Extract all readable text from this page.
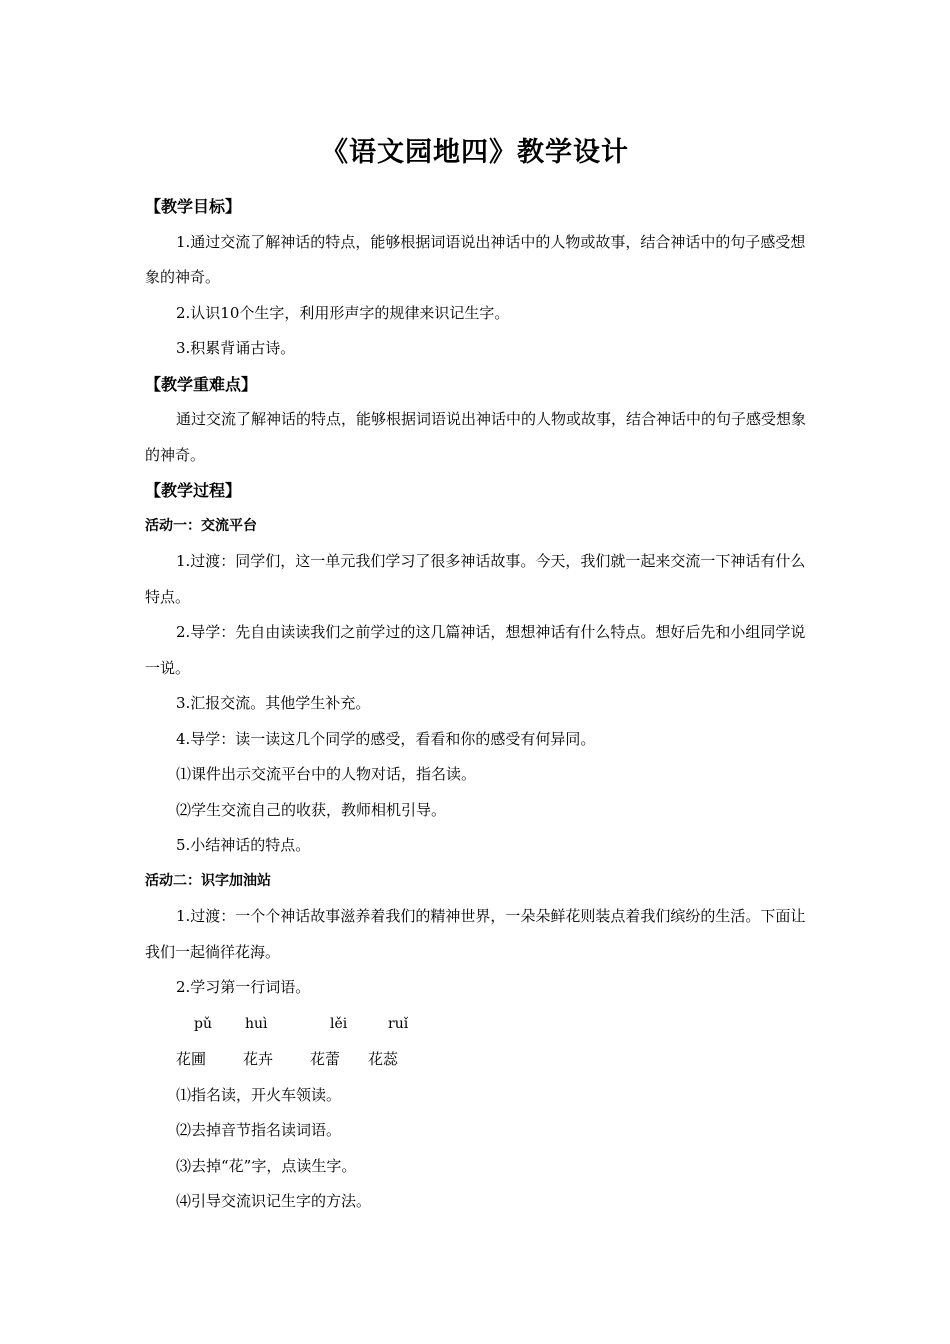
《语文园地四》教学设计
【教学目标】
1.通过交流了解神话的特点，能够根据词语说出神话中的人物或故事，结合神话中的句子感受想象的神奇。
2.认识10个生字，利用形声字的规律来识记生字。
3.积累背诵古诗。
【教学重难点】
通过交流了解神话的特点，能够根据词语说出神话中的人物或故事，结合神话中的句子感受想象的神奇。
【教学过程】
活动一：交流平台
1.过渡：同学们，这一单元我们学习了很多神话故事。今天，我们就一起来交流一下神话有什么特点。
2.导学：先自由读读我们之前学过的这几篇神话，想想神话有什么特点。想好后先和小组同学说一说。
3.汇报交流。其他学生补充。
4.导学：读一读这几个同学的感受，看看和你的感受有何异同。
⑴课件出示交流平台中的人物对话，指名读。
⑵学生交流自己的收获，教师相机引导。
5.小结神话的特点。
活动二：识字加油站
1.过渡：一个个神话故事滋养着我们的精神世界，一朵朵鲜花则装点着我们缤纷的生活。下面让我们一起徜徉花海。
2.学习第一行词语。
pǔ huì	lěi	ruǐ
花圃 花卉 花蕾 花蕊
⑴指名读，开火车领读。
⑵去掉音节指名读词语。
⑶去掉“花”字，点读生字。
⑷引导交流识记生字的方法。
